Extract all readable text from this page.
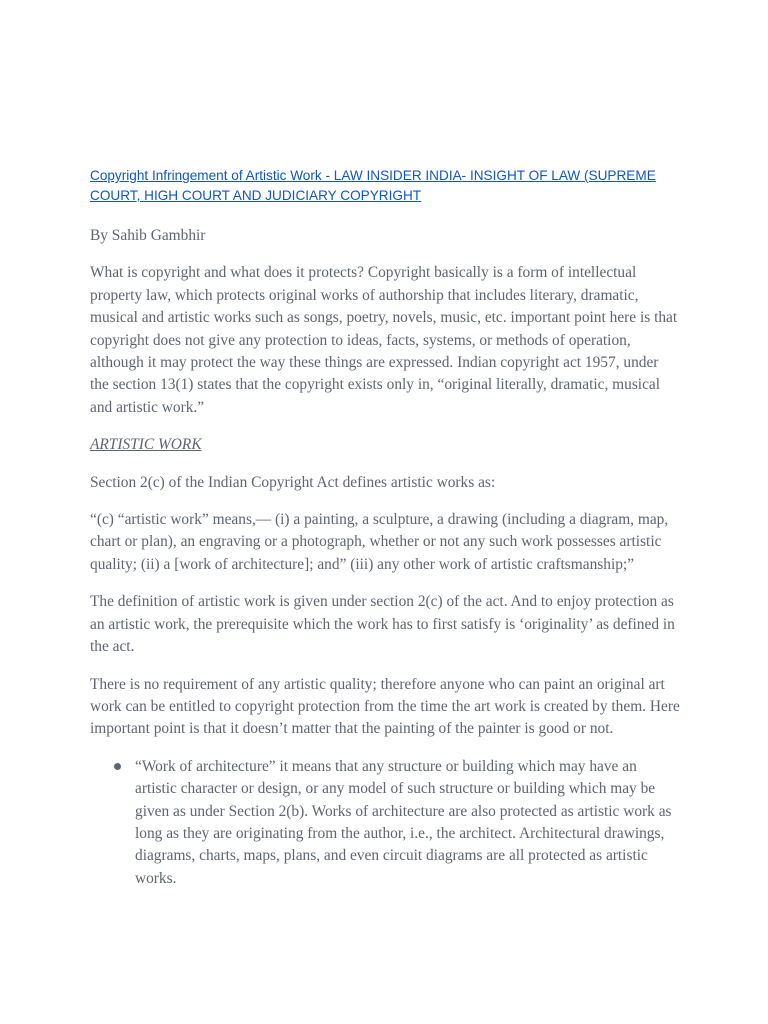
Copyright Infringement of Artistic Work - LAW INSIDER INDIA- INSIGHT OF LAW (SUPREME COURT, HIGH COURT AND JUDICIARY COPYRIGHT

By Sahib Gambhir

What is copyright and what does it protects? Copyright basically is a form of intellectual property law, which protects original works of authorship that includes literary, dramatic, musical and artistic works such as songs, poetry, novels, music, etc. important point here is that copyright does not give any protection to ideas, facts, systems, or methods of operation, although it may protect the way these things are expressed. Indian copyright act 1957, under the section 13(1) states that the copyright exists only in, “original literally, dramatic, musical and artistic work.”

ARTISTIC WORK

Section 2(c) of the Indian Copyright Act defines artistic works as:

“(c) “artistic work” means,— (i) a painting, a sculpture, a drawing (including a diagram, map, chart or plan), an engraving or a photograph, whether or not any such work possesses artistic quality; (ii) a [work of architecture]; and” (iii) any other work of artistic craftsmanship;”

The definition of artistic work is given under section 2(c) of the act. And to enjoy protection as an artistic work, the prerequisite which the work has to first satisfy is ‘originality’ as defined in the act.

There is no requirement of any artistic quality; therefore anyone who can paint an original art work can be entitled to copyright protection from the time the art work is created by them. Here important point is that it doesn’t matter that the painting of the painter is good or not.

“Work of architecture” it means that any structure or building which may have an artistic character or design, or any model of such structure or building which may be given as under Section 2(b). Works of architecture are also protected as artistic work as long as they are originating from the author, i.e., the architect. Architectural drawings, diagrams, charts, maps, plans, and even circuit diagrams are all protected as artistic works.
